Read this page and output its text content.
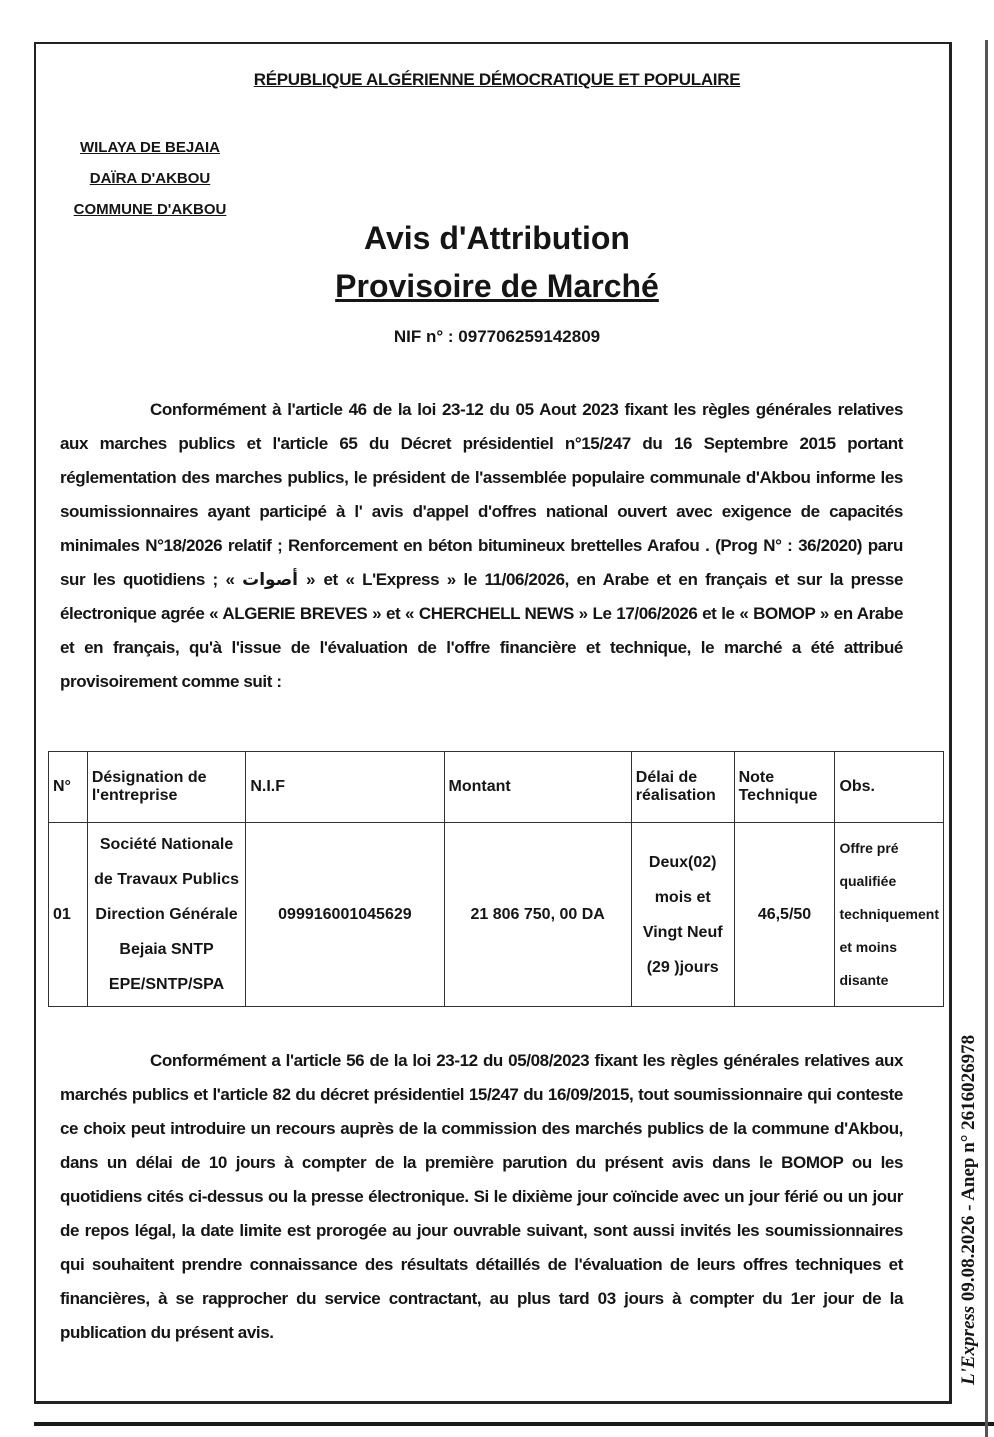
RÉPUBLIQUE ALGÉRIENNE DÉMOCRATIQUE ET POPULAIRE
WILAYA DE BEJAIA
DAÏRA D'AKBOU
COMMUNE D'AKBOU
Avis d'Attribution
Provisoire de Marché
NIF n° : 097706259142809
Conformément à l'article 46 de la loi 23-12 du 05 Aout 2023 fixant les règles générales relatives aux marches publics et l'article 65 du Décret présidentiel n°15/247 du 16 Septembre 2015 portant réglementation des marches publics, le président de l'assemblée populaire communale d'Akbou informe les soumissionnaires ayant participé à l' avis d'appel d'offres national ouvert avec exigence de capacités minimales N°18/2026 relatif ; Renforcement en béton bitumineux brettelles Arafou . (Prog N° : 36/2020) paru sur les quotidiens ; « أصوات » et « L'Express » le 11/06/2026, en Arabe et en français et sur la presse électronique agrée « ALGERIE BREVES » et « CHERCHELL NEWS » Le 17/06/2026 et le « BOMOP » en Arabe et en français, qu'à l'issue de l'évaluation de l'offre financière et technique, le marché a été attribué provisoirement comme suit :
N°	Désignation de l'entreprise	N.I.F	Montant	Délai de réalisation	Note Technique	Obs.
01	Société Nationale de Travaux Publics Direction Générale Bejaia SNTP EPE/SNTP/SPA	099916001045629	21 806 750, 00 DA	Deux(02) mois et Vingt Neuf (29 )jours	46,5/50	Offre pré qualifiée techniquement et moins disante
Conformément a l'article 56 de la loi 23-12 du 05/08/2023 fixant les règles générales relatives aux marchés publics et l'article 82 du décret présidentiel 15/247 du 16/09/2015, tout soumissionnaire qui conteste ce choix peut introduire un recours auprès de la commission des marchés publics de la commune d'Akbou, dans un délai de 10 jours à compter de la première parution du présent avis dans le BOMOP ou les quotidiens cités ci-dessus ou la presse électronique. Si le dixième jour coïncide avec un jour férié ou un jour de repos légal, la date limite est prorogée au jour ouvrable suivant, sont aussi invités les soumissionnaires qui souhaitent prendre connaissance des résultats détaillés de l'évaluation de leurs offres techniques et financières, à se rapprocher du service contractant, au plus tard 03 jours à compter du 1er jour de la publication du présent avis.	L'Express 09.08.2026 - Anep n° 2616026978
